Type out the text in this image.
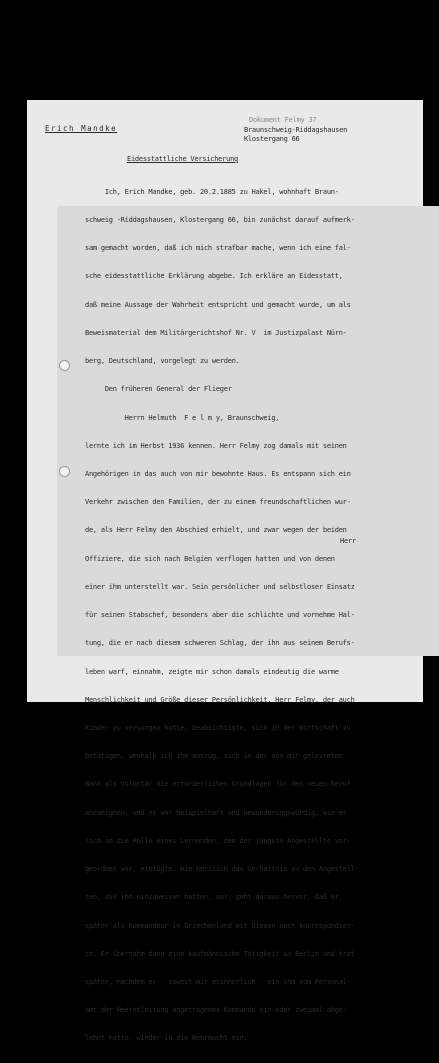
Dokument Felmy 37
Erich Mandke	Braunschweig-Riddagshausen
Klostergang 66
Eidesstattliche Versicherung

Ich, Erich Mandke, geb. 20.2.1885 zu Hakel, wohnhaft Braun-

schweig -Riddagshausen, Klostergang 66, bin zunächst darauf aufmerk-

sam gemacht worden, daß ich mich strafbar mache, wenn ich eine fal-

sche eidesstattliche Erklärung abgebe. Ich erkläre an Eidesstatt,

daß meine Aussage der Wahrheit entspricht und gemacht wurde, um als

Beweismaterial dem Militärgerichtshof Nr. V  im Justizpalast Nürn-

berg, Deutschland, vorgelegt zu werden.

Den früheren General der Flieger

Herrn Helmuth  F e l m y, Braunschweig,

lernte ich im Herbst 1936 kennen. Herr Felmy zog damals mit seinen

Angehörigen in das auch von mir bewohnte Haus. Es entspann sich ein

Verkehr zwischen den Familien, der zu einem freundschaftlichen wur-

de, als Herr Felmy den Abschied erhielt, und zwar wegen der beiden

Offiziere, die sich nach Belgien verflogen hatten und von denen

einer ihm unterstellt war. Sein persönlicher und selbstloser Einsatz

für seinen Stabschef, besonders aber die schlichte und vornehme Hal-

tung, die er nach diesem schweren Schlag, der ihn aus seinem Berufs-

leben warf, einnahm, zeigte mir schon damals eindeutig die warme

Menschlichkeit und Größe dieser Persönlichkeit. Herr Felmy, der auch

Kinder zu versorgen hatte, beabsichtigte, sich in der Wirtschaft zu

betätigen, weshalb ich ihm antrug, sich in der von mir geleiteten

Bank als Volontär die erforderlichen Grundlagen für den neuen Beruf

anzueignen, und es war beispielhaft und bewunderungswürdig, wie er

sich in die Rolle eines Lernenden, dem der jüngste Angestellte vor-

geordnet war, einfügte. Wie herzlich das Verhältnis zu den Angestell-

ten, die ihn einzuweisen hatten, war, geht daraus hervor, daß er

später als Kommandeur in Griechenland mit diesen noch korrespondier-

te. Er übernahm dann eine kaufmännische Tätigkeit in Berlin und trat

später, nachdem er - soweit mir erinnerlich - ein ihm vom Personal-

amt der Heeresleitung angetragenes Kommando ein-oder zweimal abge-

lehnt hatte, wieder in die Wehrmacht ein.

Herr
